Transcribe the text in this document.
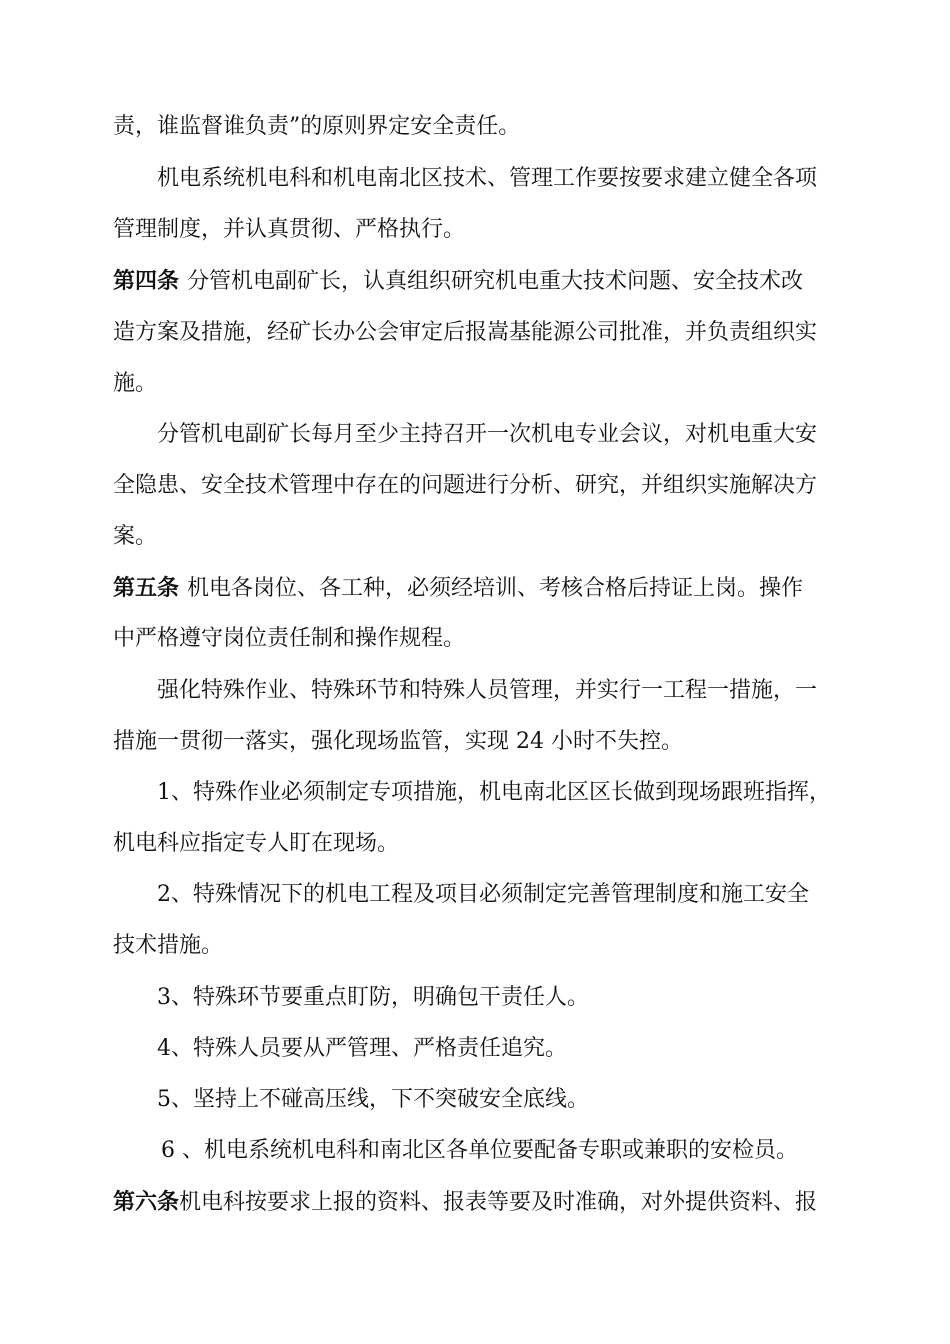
责，谁监督谁负责”的原则界定安全责任。
机电系统机电科和机电南北区技术、管理工作要按要求建立健全各项
管理制度，并认真贯彻、严格执行。
第四条 分管机电副矿长，认真组织研究机电重大技术问题、安全技术改
造方案及措施，经矿长办公会审定后报嵩基能源公司批准，并负责组织实
施。
分管机电副矿长每月至少主持召开一次机电专业会议，对机电重大安
全隐患、安全技术管理中存在的问题进行分析、研究，并组织实施解决方
案。
第五条 机电各岗位、各工种，必须经培训、考核合格后持证上岗。操作
中严格遵守岗位责任制和操作规程。
强化特殊作业、特殊环节和特殊人员管理，并实行一工程一措施，一
措施一贯彻一落实，强化现场监管，实现 24 小时不失控。
1、特殊作业必须制定专项措施，机电南北区区长做到现场跟班指挥，
机电科应指定专人盯在现场。
2、特殊情况下的机电工程及项目必须制定完善管理制度和施工安全
技术措施。
3、特殊环节要重点盯防，明确包干责任人。
4、特殊人员要从严管理、严格责任追究。
5、坚持上不碰高压线，下不突破安全底线。
6 、机电系统机电科和南北区各单位要配备专职或兼职的安检员。
第六条机电科按要求上报的资料、报表等要及时准确，对外提供资料、报
